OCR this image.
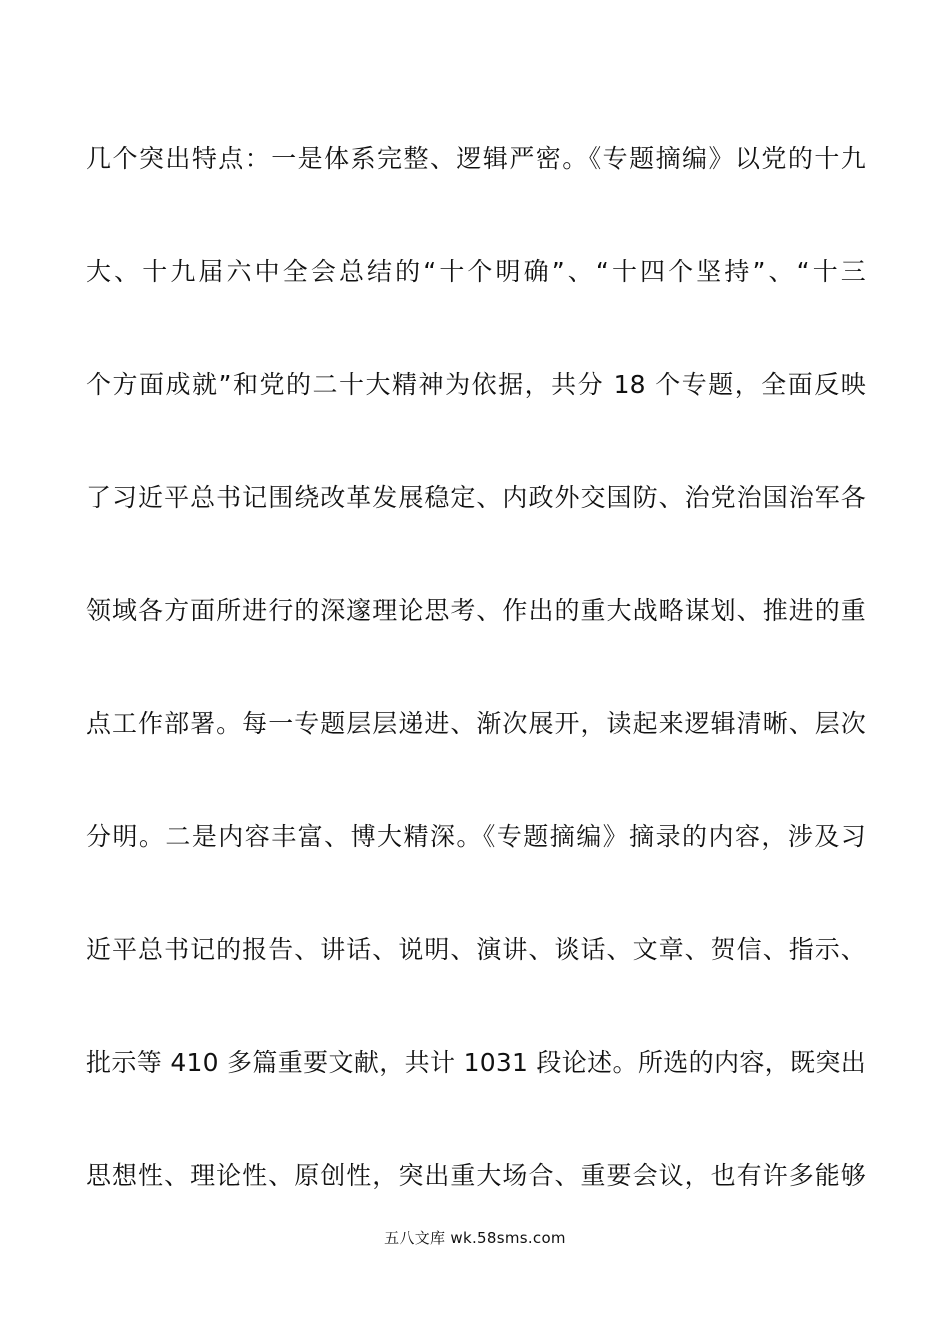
几个突出特点：一是体系完整、逻辑严密。《专题摘编》以党的十九
大、十九届六中全会总结的“十个明确”、“十四个坚持”、“十三
个方面成就”和党的二十大精神为依据，共分 18 个专题，全面反映
了习近平总书记围绕改革发展稳定、内政外交国防、治党治国治军各
领域各方面所进行的深邃理论思考、作出的重大战略谋划、推进的重
点工作部署。每一专题层层递进、渐次展开，读起来逻辑清晰、层次
分明。二是内容丰富、博大精深。《专题摘编》摘录的内容，涉及习
近平总书记的报告、讲话、说明、演讲、谈话、文章、贺信、指示、
批示等 410 多篇重要文献，共计 1031 段论述。所选的内容，既突出
思想性、理论性、原创性，突出重大场合、重要会议，也有许多能够
五八文库 wk.58sms.com
